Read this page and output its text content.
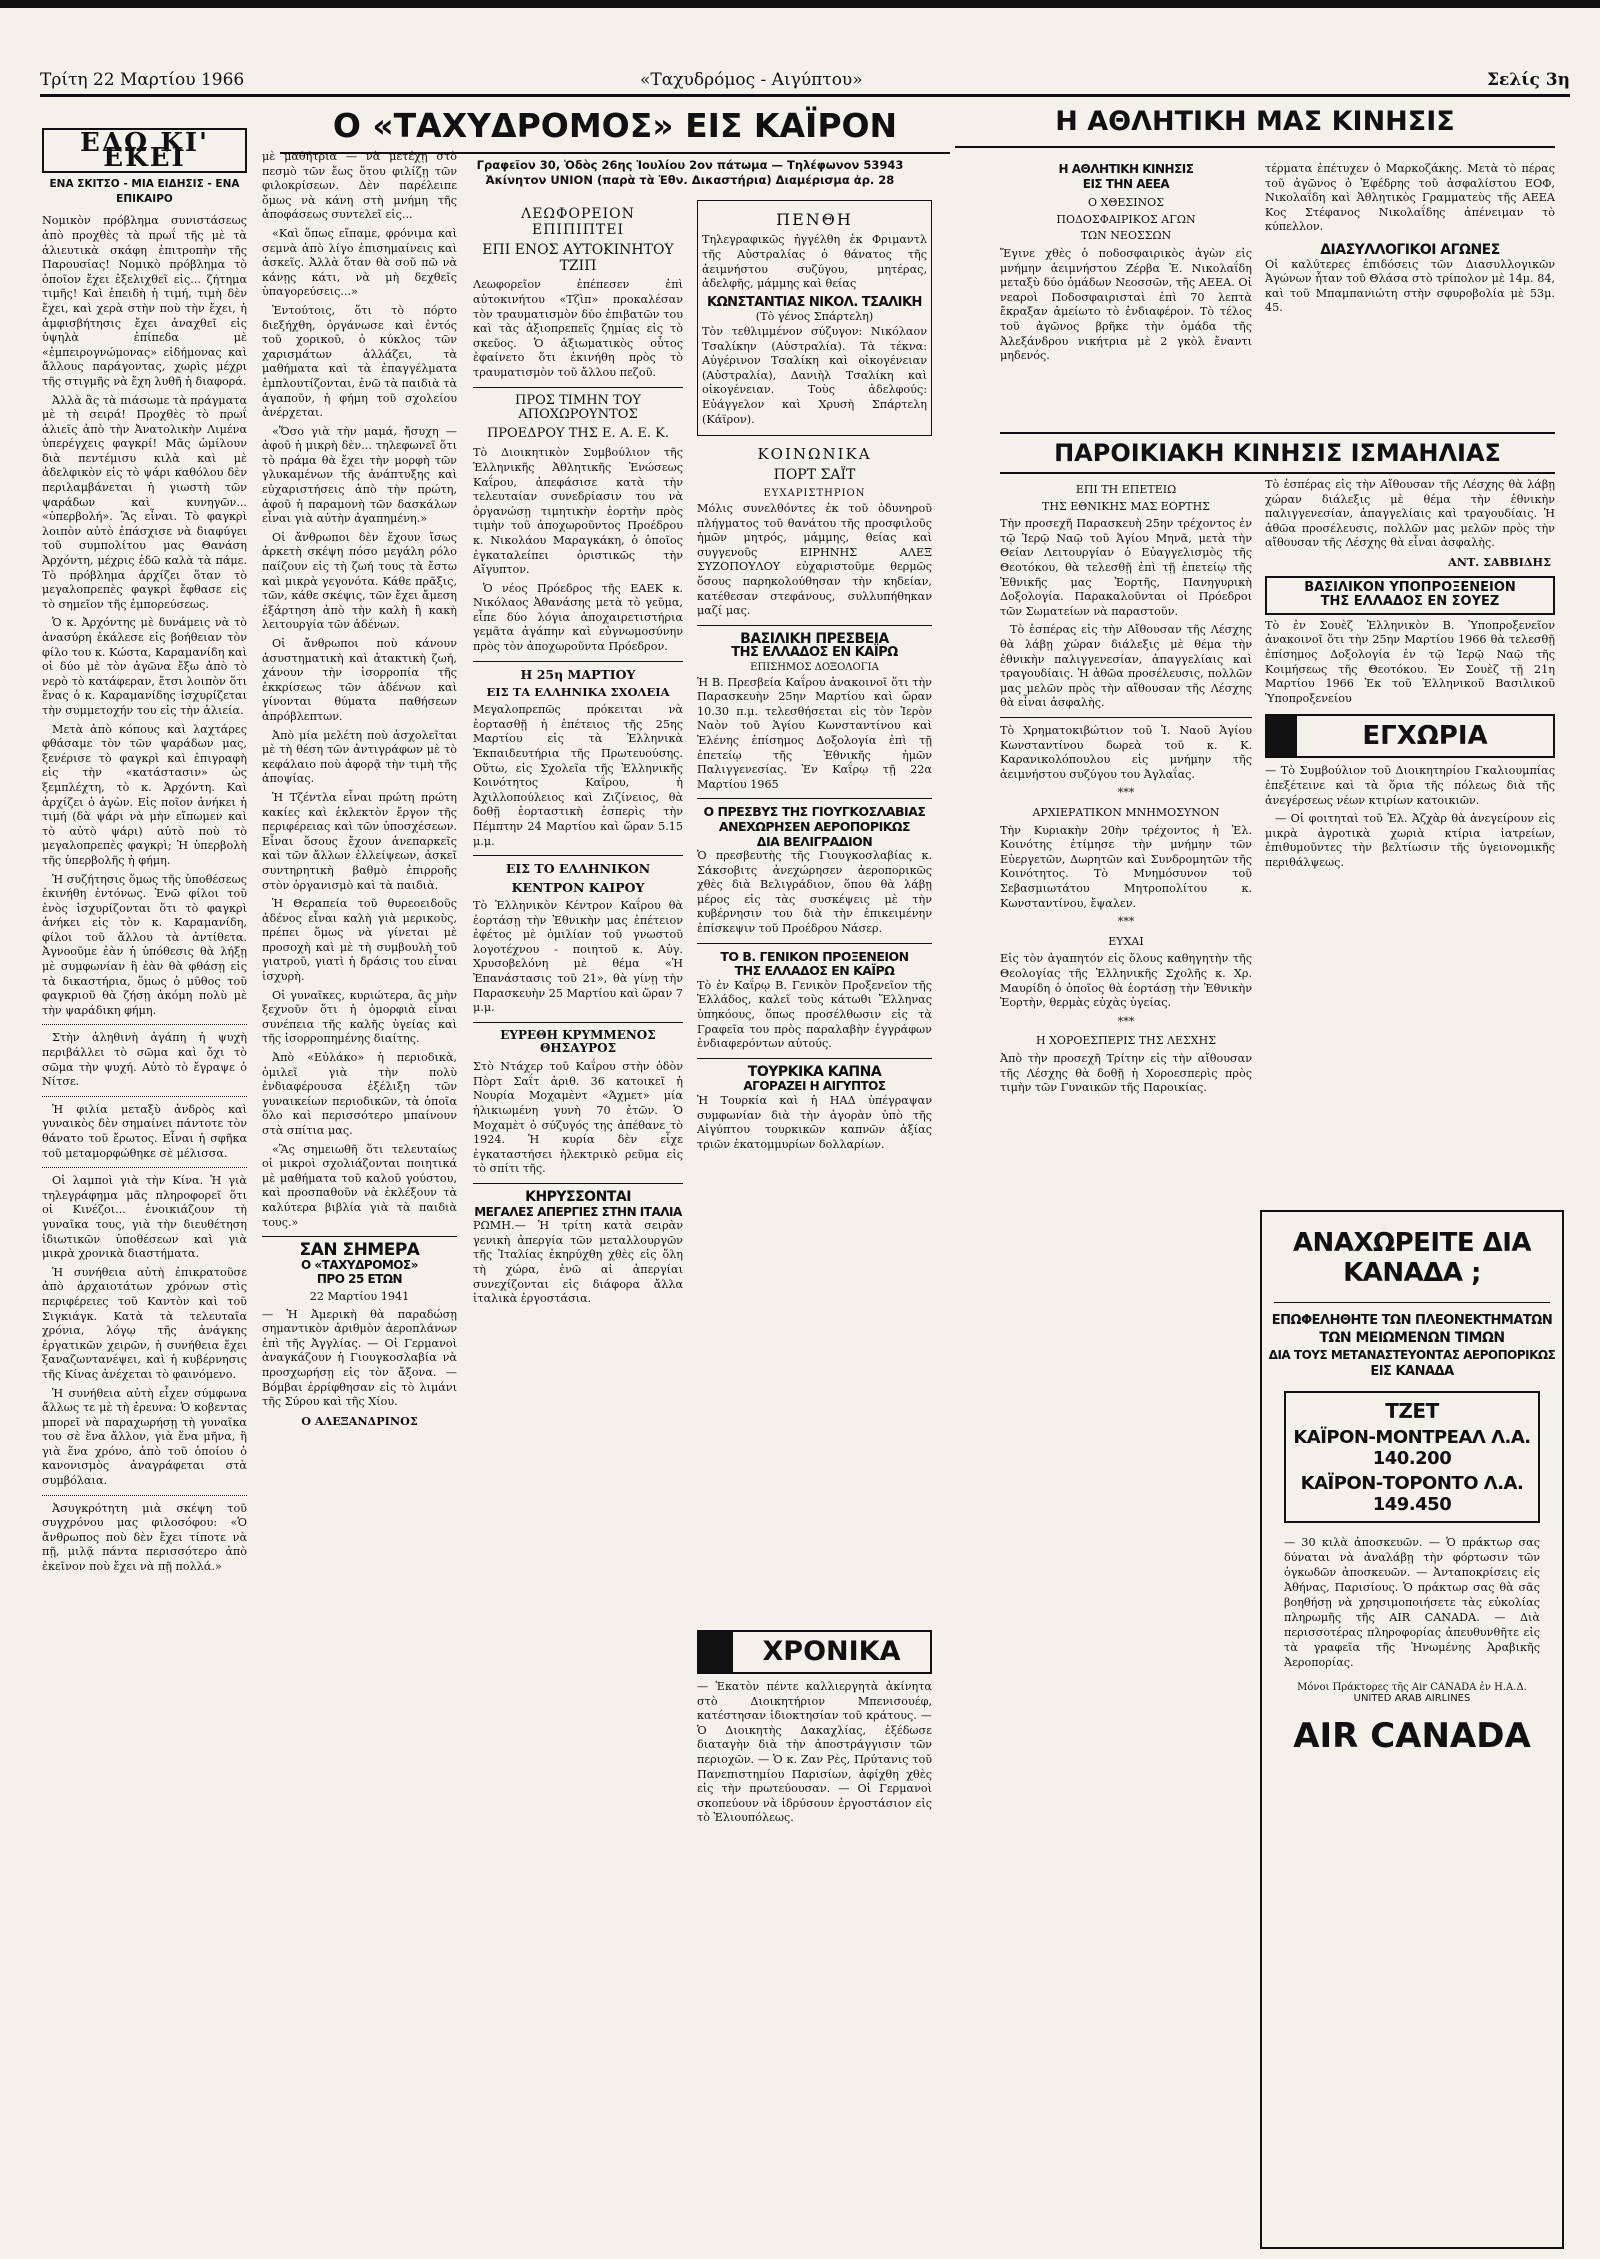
Τρίτη 22 Μαρτίου 1966	«Ταχυδρόμος - Αιγύπτου»	Σελίς 3η
ΕΔΩ ΚΙ' ΕΚΕΙ
ΕΝΑ ΣΚΙΤΣΟ - ΜΙΑ ΕΙΔΗΣΙΣ - ΕΝΑ ΕΠΙΚΑΙΡΟ

Νομικὸν πρόβλημα συνιστάσεως ἀπὸ προχθὲς τὰ πρωΐ τῆς μὲ τὰ ἀλιευτικὰ σκάφη ἐπιτροπὴν τῆς Παρουσίας! Νομικὸ πρόβλημα τὸ ὁποῖον ἔχει ἐξελιχθεῖ εἰς... ζήτημα τιμῆς! Καὶ ἐπειδὴ ἡ τιμή, τιμὴ δὲν ἔχει, καὶ χερὰ στὴν ποὺ τὴν ἔχει, ἡ ἀμφισβήτησις ἔχει ἀναχθεῖ εἰς ὑψηλὰ ἐπίπεδα μὲ «ἐμπειρογνώμονας» εἰδήμονας καὶ ἄλλους παράγοντας, χωρὶς μέχρι τῆς στιγμῆς νὰ ἔχη λυθῆ ἡ διαφορά.

Ἀλλὰ ἂς τὰ πιάσωμε τὰ πράγματα μὲ τὴ σειρά! Προχθὲς τὸ πρωΐ ἀλιεῖς ἀπὸ τὴν Ἀνατολικὴν Λιμένα ὑπερέγχεις φαγκρί! Μᾶς ὡμίλουν διὰ πεντέμισυ κιλὰ καὶ μὲ ἀδελφικὸν εἰς τὸ ψάρι καθόλου δὲν περιλαμβάνεται ἡ γιωστὴ τῶν ψαράδων καὶ κυνηγῶν... «ὑπερβολή». Ἂς εἶναι. Τὸ φαγκρὶ λοιπὸν αὐτὸ ἐπάσχισε νὰ διαφύγει τοῦ συμπολίτου μας Θανάση Ἀρχόντη, μέχρις ἐδῶ καλὰ τὰ πάμε. Τὸ πρόβλημα ἀρχίζει ὅταν τὸ μεγαλοπρεπὲς φαγκρὶ ἔφθασε εἰς τὸ σημεῖον τῆς ἐμπορεύσεως.

Ὁ κ. Ἀρχόντης μὲ δυνάμεις νὰ τὸ ἀνασύρη ἐκάλεσε εἰς βοήθειαν τὸν φίλο του κ. Κώστα, Καραμανίδη καὶ οἱ δύο μὲ τὸν ἀγῶνα ἔξω ἀπὸ τὸ νερὸ τὸ κατάφεραν, ἔτσι λοιπὸν ὅτι ἕνας ὁ κ. Καραμανίδης ἰσχυρίζεται τὴν συμμετοχήν του εἰς τὴν ἀλιεία.

Μετὰ ἀπὸ κόπους καὶ λαχτάρες φθάσαμε τὸν τῶν ψαράδων μας, ξενέρισε τὸ φαγκρὶ καὶ ἐπιγραφὴ εἰς τὴν «κατάστασιν» ὡς ξεμπλέχτη, τὸ κ. Ἀρχόντη. Καὶ ἀρχίζει ὁ ἀγὼν. Εἰς ποῖον ἀνήκει ἡ τιμή (δὰ ψάρι νὰ μὴν εἴπωμεν καὶ τὸ αὐτὸ ψάρι) αὐτὸ ποὺ τὸ μεγαλοπρεπὲς φαγκρὶ; Ἡ ὑπερβολὴ τῆς ὑπερβολῆς ἡ φήμη.

Ἡ συζήτησις ὅμως τῆς ὑποθέσεως ἐκινήθη ἐντόνως. Ἐνῶ φίλοι τοῦ ἑνὸς ἰσχυρίζονται ὅτι τὸ φαγκρὶ ἀνήκει εἰς τὸν κ. Καραμανίδη, φίλοι τοῦ ἄλλου τὰ ἀντίθετα. Ἀγνοοῦμε ἐὰν ἡ ὑπόθεσις θὰ λήξῃ μὲ συμφωνίαν ἢ ἐὰν θὰ φθάσῃ εἰς τὰ δικαστήρια, ὅμως ὁ μῦθος τοῦ φαγκριοῦ θὰ ζήσῃ ἀκόμη πολὺ μὲ τὴν ψαράδικη φήμη.

Στὴν ἀληθινὴ ἀγάπη ἡ ψυχὴ περιβάλλει τὸ σῶμα καὶ ὄχι τὸ σῶμα τὴν ψυχή. Αὐτὸ τὸ ἔγραψε ὁ Νίτσε.

Ἡ φιλία μεταξὺ ἀνδρὸς καὶ γυναικὸς δὲν σημαίνει πάντοτε τὸν θάνατο τοῦ ἔρωτος. Εἶναι ἡ σφῆκα τοῦ μεταμορφώθηκε σὲ μέλισσα.

Οἱ λαμποὶ γιὰ τὴν Κίνα. Ἡ γιὰ τηλεγράφημα μᾶς πληροφορεῖ ὅτι οἱ Κινέζοι... ἐνοικιάζουν τὴ γυναῖκα τους, γιὰ τὴν διευθέτηση ἰδιωτικῶν ὑποθέσεων καὶ γιὰ μικρὰ χρονικὰ διαστήματα.

Ἡ συνήθεια αὐτὴ ἐπικρατοῦσε ἀπὸ ἀρχαιοτάτων χρόνων στὶς περιφέρειες τοῦ Καντὸν καὶ τοῦ Σιγκιάγκ. Κατὰ τὰ τελευταῖα χρόνια, λόγῳ τῆς ἀνάγκης ἐργατικῶν χειρῶν, ἡ συνήθεια ἔχει ξαναζωντανέψει, καὶ ἡ κυβέρνησις τῆς Κίνας ἀνέχεται τὸ φαινόμενο.

Ἡ συνήθεια αὐτὴ εἶχεν σύμφωνα ἄλλως τε μὲ τὴ ἐρευνα: Ὁ κοβεντας μπορεῖ νὰ παραχωρήσῃ τὴ γυναῖκα του σὲ ἕνα ἄλλον, γιὰ ἕνα μῆνα, ἢ γιὰ ἕνα χρόνο, ἀπὸ τοῦ ὁποίου ὁ κανονισμὸς ἀναγράφεται στὰ συμβόλαια.

Ἀσυγκρότητη μιὰ σκέψη τοῦ συγχρόνου μας φιλοσόφου: «Ὁ ἄνθρωπος ποὺ δὲν ἔχει τίποτε νὰ πῇ, μιλᾷ πάντα περισσότερο ἀπὸ ἐκεῖνον ποὺ ἔχει νὰ πῇ πολλά.»

Ο «ΤΑΧΥΔΡΟΜΟΣ» ΕΙΣ ΚΑΪΡΟΝ
Γραφεῖον 30, Ὁδὸς 26ης Ἰουλίου 2ον πάτωμα — Τηλέφωνον 53943
Ἀκίνητον UNION (παρὰ τὰ Ἐθν. Δικαστήρια) Διαμέρισμα ἀρ. 28

μὲ μαθήτρια — νὰ μετέχῃ στὸ πεσμὸ τῶν ἔως ὅτου φιλίζῃ τῶν φιλοκρίσεων. Δὲν παρέλειπε ὅμως νὰ κάνη στὴ μνήμη τῆς ἀποφάσεως συντελεῖ εἰς...

«Καὶ ὅπως εἴπαμε, φρόνιμα καὶ σεμνὰ ἀπὸ λίγο ἐπισημαίνεις καὶ ἀσκεῖς. Ἀλλὰ ὅταν θὰ σοῦ πῶ νὰ κάνῃς κάτι, νὰ μὴ δεχθεῖς ὑπαγορεύσεις...»

Ἐντούτοις, ὅτι τὸ πόρτο διεξήχθη, ὀργάνωσε καὶ ἐντός τοῦ χορικοῦ, ὁ κύκλος τῶν χαρισμάτων ἀλλάζει, τὰ μαθήματα καὶ τὰ ἐπαγγέλματα ἐμπλουτίζονται, ἐνῶ τὰ παιδιὰ τὰ ἀγαποῦν, ἡ φήμη τοῦ σχολείου ἀνέρχεται.

«Ὅσο γιὰ τὴν μαμά, ἤσυχη — ἀφοῦ ἡ μικρὴ δὲν... τηλεφωνεῖ ὅτι τὸ πράμα θὰ ἔχει τὴν μορφὴ τῶν γλυκαμένων τῆς ἀνάπτυξης καὶ εὐχαριστήσεις ἀπὸ τὴν πρώτη, ἀφοῦ ἡ παραμονὴ τῶν δασκάλων εἶναι γιὰ αὐτὴν ἀγαπημένη.»

Οἱ ἄνθρωποι δὲν ἔχουν ἴσως ἀρκετὴ σκέψη πόσο μεγάλη ρόλο παίζουν εἰς τὴ ζωή τους τὰ ἔστω καὶ μικρὰ γεγονότα. Κάθε πρᾶξις, τῶν, κάθε σκέψις, τῶν ἔχει ἄμεση ἐξάρτηση ἀπὸ τὴν καλὴ ἢ κακὴ λειτουργία τῶν ἀδένων.

Οἱ ἄνθρωποι ποὺ κάνουν ἀσυστηματικὴ καὶ ἀτακτικὴ ζωή, χάνουν τὴν ἰσορροπία τῆς ἐκκρίσεως τῶν ἀδένων καὶ γίνονται θύματα παθήσεων ἀπρόβλεπτων.

Ἀπὸ μία μελέτη ποὺ ἀσχολεῖται μὲ τὴ θέση τῶν ἀντιγράφων μὲ τὸ κεφάλαιο ποὺ ἀφορᾷ τὴν τιμὴ τῆς ἀποψίας.

Ἡ Τζέντλα εἶναι πρώτη πρώτη κακίες καὶ ἐκλεκτὸν ἔργον τῆς περιφέρειας καὶ τῶν ὑποσχέσεων. Εἶναι ὅσους ἔχουν ἀνεπαρκεῖς καὶ τῶν ἄλλων ἐλλείψεων, ἀσκεῖ συντηρητικὴ βαθμὸ ἐπιρροῆς στὸν ὀργανισμὸ καὶ τὰ παιδιὰ.

Ἡ Θεραπεία τοῦ θυρεοειδοῦς ἀδένος εἶναι καλὴ γιὰ μερικοὺς, πρέπει ὅμως νὰ γίνεται μὲ προσοχὴ καὶ μὲ τὴ συμβουλὴ τοῦ γιατροῦ, γιατὶ ἡ δράσις του εἶναι ἰσχυρὴ.

Οἱ γυναῖκες, κυριώτερα, ἂς μὴν ξεχνοῦν ὅτι ἡ ὀμορφιὰ εἶναι συνέπεια τῆς καλῆς ὑγείας καὶ τῆς ἰσορροπημένης διαίτης.

Ἀπὸ «Εὐλάκο» ἡ περιοδικὰ, ὁμιλεῖ γιὰ τὴν πολὺ ἐνδιαφέρουσα ἐξέλιξη τῶν γυναικείων περιοδικῶν, τὰ ὁποῖα ὅλο καὶ περισσότερο μπαίνουν στὰ σπίτια μας.

«Ἂς σημειωθῆ ὅτι τελευταίως οἱ μικροὶ σχολιάζονται ποιητικά μὲ μαθήματα τοῦ καλοῦ γούστου, καὶ προσπαθοῦν νὰ ἐκλέξουν τὰ καλύτερα βιβλία γιὰ τὰ παιδιὰ τους.»

ΣΑΝ ΣΗΜΕΡΑ
Ο «ΤΑΧΥΔΡΟΜΟΣ»
ΠΡΟ 25 ΕΤΩΝ
22 Μαρτίου 1941

— Ἡ Ἀμερικὴ θὰ παραδώσῃ σημαντικὸν ἀριθμὸν ἀεροπλάνων ἐπὶ τῆς Ἀγγλίας. — Οἱ Γερμανοὶ ἀναγκάζουν ἡ Γιουγκοσλαβία νὰ προσχωρήσῃ εἰς τὸν ἄξονα. — Βόμβαι ἐρρίφθησαν εἰς τὸ λιμάνι τῆς Σύρου καὶ τῆς Χίου.

Ο ΑΛΕΞΑΝΔΡΙΝΟΣ
ΛΕΩΦΟΡΕΙΟΝ ΕΠΙΠΙΠΤΕΙ
ΕΠΙ ΕΝΟΣ ΑΥΤΟΚΙΝΗΤΟΥ ΤΖΙΠ

Λεωφορεῖον ἐπέπεσεν ἐπὶ αὐτοκινήτου «Τζὶπ» προκαλέσαν τὸν τραυματισμὸν δύο ἐπιβατῶν του καὶ τὰς ἀξιοπρεπεῖς ζημίας εἰς τὸ σκεῦος. Ὁ ἀξιωματικὸς οὗτος ἐφαίνετο ὅτι ἐκινήθη πρὸς τὸ τραυματισμὸν τοῦ ἄλλου πεζοῦ.

ΠΡΟΣ ΤΙΜΗΝ ΤΟΥ ΑΠΟΧΩΡΟΥΝΤΟΣ
ΠΡΟΕΔΡΟΥ ΤΗΣ Ε. Α. Ε. Κ.

Τὸ Διοικητικὸν Συμβούλιον τῆς Ἑλληνικῆς Ἀθλητικῆς Ἑνώσεως Καΐρου, ἀπεφάσισε κατὰ τὴν τελευταίαν συνεδρίασιν του νὰ ὀργανώσῃ τιμητικὴν ἑορτὴν πρὸς τιμὴν τοῦ ἀποχωροῦντος Προέδρου κ. Νικολάου Μαραγκάκη, ὁ ὁποῖος ἐγκαταλείπει ὁριστικῶς τὴν Αἴγυπτον.

Ὁ νέος Πρόεδρος τῆς ΕΑΕΚ κ. Νικόλαος Ἀθανάσης μετὰ τὸ γεῦμα, εἶπε δύο λόγια ἀποχαιρετιστήρια γεμᾶτα ἀγάπην καὶ εὐγνωμοσύνην πρὸς τὸν ἀποχωροῦντα Πρόεδρον.

Η 25η ΜΑΡΤΙΟΥ
ΕΙΣ ΤΑ ΕΛΛΗΝΙΚΑ ΣΧΟΛΕΙΑ

Μεγαλοπρεπῶς πρόκειται νὰ ἑορτασθῇ ἡ ἐπέτειος τῆς 25ης Μαρτίου εἰς τὰ Ἑλληνικὰ Ἐκπαιδευτήρια τῆς Πρωτευούσης. Οὕτω, εἰς Σχολεῖα τῆς Ἑλληνικῆς Κοινότητος Καΐρου, ἡ Ἀχιλλοπούλειος καὶ Ζιζίνειος, θὰ δοθῇ ἑορταστικὴ ἑσπερὶς τὴν Πέμπτην 24 Μαρτίου καὶ ὥραν 5.15 μ.μ.

ΕΙΣ ΤΟ ΕΛΛΗΝΙΚΟΝ
ΚΕΝΤΡΟΝ ΚΑΙΡΟΥ

Τὸ Ἑλληνικὸν Κέντρον Καΐρου θὰ ἑορτάσῃ τὴν Ἐθνικὴν μας ἐπέτειον ἐφέτος μὲ ὁμιλίαν τοῦ γνωστοῦ λογοτέχνου - ποιητοῦ κ. Αὐγ. Χρυσοβελόνη μὲ θέμα «Ἡ Ἐπανάστασις τοῦ 21», θὰ γίνῃ τὴν Παρασκευὴν 25 Μαρτίου καὶ ὥραν 7 μ.μ.

ΕΥΡΕΘΗ ΚΡΥΜΜΕΝΟΣ ΘΗΣΑΥΡΟΣ

Στὸ Ντάχερ τοῦ Καΐρου στὴν ὁδὸν Πὸρτ Σαΐτ ἀριθ. 36 κατοικεῖ ἡ Νουρία Μοχαμὲντ «Άχμετ» μία ἡλικιωμένη γυνὴ 70 ἐτῶν. Ὁ Μοχαμὲτ ὁ σύζυγός της ἀπέθανε τὸ 1924. Ἡ κυρία δὲν εἶχε ἐγκαταστήσει ἡλεκτρικὸ ρεῦμα εἰς τὸ σπίτι τῆς.

ΚΗΡΥΣΣΟΝΤΑΙ
ΜΕΓΑΛΕΣ ΑΠΕΡΓΙΕΣ ΣΤΗΝ ΙΤΑΛΙΑ

ΡΩΜΗ.— Ἡ τρίτη κατὰ σειρὰν γενικὴ ἀπεργία τῶν μεταλλουργῶν τῆς Ἰταλίας ἐκηρύχθη χθὲς εἰς ὅλη τὴ χώρα, ἐνῶ αἱ ἀπεργίαι συνεχίζονται εἰς διάφορα ἄλλα ἰταλικὰ ἐργοστάσια.

ΠΕΝΘΗ

Τηλεγραφικῶς ἠγγέλθη ἐκ Φριμαντλ τῆς Αὐστραλίας ὁ θάνατος τῆς ἀειμνήστου συζύγου, μητέρας, ἀδελφῆς, μάμμης καὶ θείας

ΚΩΝΣΤΑΝΤΙΑΣ ΝΙΚΟΛ. ΤΣΑΛΙΚΗ
(Τὸ γένος Σπάρτελη)

Τὸν τεθλιμμένον σύζυγον: Νικόλαον Τσαλίκην (Αὐστραλία). Τὰ τέκνα: Αὐγέρινον Τσαλίκη καὶ οἰκογένειαν (Αὐστραλία), Δανιὴλ Τσαλίκη καὶ οἰκογένειαν. Τοὺς ἀδελφούς: Εὐάγγελον καὶ Χρυσὴ Σπάρτελη (Κάϊρον).

ΚΟΙΝΩΝΙΚΑ
ΠΟΡΤ ΣΑΪΤ
ΕΥΧΑΡΙΣΤΗΡΙΟΝ

Μόλις συνελθόντες ἐκ τοῦ ὀδυνηροῦ πλήγματος τοῦ θανάτου τῆς προσφιλοῦς ἡμῶν μητρός, μάμμης, θείας καὶ συγγενοῦς ΕΙΡΗΝΗΣ ΑΛΕΞ ΣΥΖΟΠΟΥΛΟΥ εὐχαριστοῦμε θερμῶς ὅσους παρηκολούθησαν τὴν κηδείαν, κατέθεσαν στεφάνους, συλλυπήθηκαν μαζί μας.

ΒΑΣΙΛΙΚΗ ΠΡΕΣΒΕΙΑ
ΤΗΣ ΕΛΛΑΔΟΣ ΕΝ ΚΑΪΡΩ
ΕΠΙΣΗΜΟΣ ΔΟΞΟΛΟΓΙΑ

Ἡ Β. Πρεσβεία Καΐρου ἀνακοινοῖ ὅτι τὴν Παρασκευὴν 25ην Μαρτίου καὶ ὥραν 10.30 π.μ. τελεσθήσεται εἰς τὸν Ἱερὸν Ναὸν τοῦ Ἁγίου Κωνσταντίνου καὶ Ἑλένης ἐπίσημος Δοξολογία ἐπὶ τῇ ἐπετείῳ τῆς Ἐθνικῆς ἡμῶν Παλιγγενεσίας. Ἐν Καΐρῳ τῇ 22α Μαρτίου 1965

Ο ΠΡΕΣΒΥΣ ΤΗΣ ΓΙΟΥΓΚΟΣΛΑΒΙΑΣ
ΑΝΕΧΩΡΗΣΕΝ ΑΕΡΟΠΟΡΙΚΩΣ
ΔΙΑ ΒΕΛΙΓΡΑΔΙΟΝ

Ὁ πρεσβευτὴς τῆς Γιουγκοσλαβίας κ. Σάκσοβιτς ἀνεχώρησεν ἀεροπορικῶς χθὲς διὰ Βελιγράδιον, ὅπου θὰ λάβῃ μέρος εἰς τὰς συσκέψεις μὲ τὴν κυβέρνησιν του διὰ τὴν ἐπικειμένην ἐπίσκεψιν τοῦ Προέδρου Νάσερ.

ΤΟ Β. ΓΕΝΙΚΟΝ ΠΡΟΞΕΝΕΙΟΝ
ΤΗΣ ΕΛΛΑΔΟΣ ΕΝ ΚΑΪΡΩ

Τὸ ἐν Καΐρῳ Β. Γενικὸν Προξενεῖον τῆς Ἑλλάδος, καλεῖ τοὺς κάτωθι Ἕλληνας ὑπηκόους, ὅπως προσέλθωσιν εἰς τὰ Γραφεῖα του πρὸς παραλαβὴν ἐγγράφων ἐνδιαφερόντων αὐτούς.

ΤΟΥΡΚΙΚΑ ΚΑΠΝΑ
ΑΓΟΡΑΖΕΙ Η ΑΙΓΥΠΤΟΣ

Ἡ Τουρκία καὶ ἡ ΗΑΔ ὑπέγραψαν συμφωνίαν διὰ τὴν ἀγορὰν ὑπὸ τῆς Αἰγύπτου τουρκικῶν καπνῶν ἀξίας τριῶν ἑκατομμυρίων δολλαρίων.

ΧΡΟΝΙΚΑ

— Ἑκατὸν πέντε καλλιεργητὰ ἀκίνητα στὸ Διοικητήριον Μπενισουέφ, κατέστησαν ἰδιοκτησίαν τοῦ κράτους. — Ὁ Διοικητὴς Δακαχλίας, ἐξέδωσε διαταγὴν διὰ τὴν ἀποστράγγισιν τῶν περιοχῶν. — Ὁ κ. Ζαν Ρὲς, Πρύτανις τοῦ Πανεπιστημίου Παρισίων, ἀφίχθη χθὲς εἰς τὴν πρωτεύουσαν. — Οἱ Γερμανοὶ σκοπεύουν νὰ ἱδρύσουν ἐργοστάσιον εἰς τὸ Ἑλιουπόλεως.

Η ΑΘΛΗΤΙΚΗ ΜΑΣ ΚΙΝΗΣΙΣ
Η ΑΘΛΗΤΙΚΗ ΚΙΝΗΣΙΣ
ΕΙΣ ΤΗΝ ΑΕΕΑ
Ο ΧΘΕΣΙΝΟΣ
ΠΟΔΟΣΦΑΙΡΙΚΟΣ ΑΓΩΝ
ΤΩΝ ΝΕΟΣΣΩΝ

Ἔγινε χθὲς ὁ ποδοσφαιρικὸς ἀγὼν εἰς μνήμην ἀειμνήστου Ζέρβα Ἐ. Νικολαΐδη μεταξὺ δύο ὁμάδων Νεοσσῶν, τῆς ΑΕΕΑ. Οἱ νεαροὶ Ποδοσφαιρισταὶ ἐπὶ 70 λεπτὰ ἔκραξαν ἀμείωτο τὸ ἐνδιαφέρον. Τὸ τέλος τοῦ ἀγῶνος βρῆκε τὴν ὁμάδα τῆς Ἀλεξάνδρου νικήτρια μὲ 2 γκὸλ ἔναντι μηδενός.

τέρματα ἐπέτυχεν ὁ Μαρκοζάκης. Μετὰ τὸ πέρας τοῦ ἀγῶνος ὁ Ἐφέδρης τοῦ ἀσφαλίστου ΕΟΦ, Νικολαΐδη καὶ Ἀθλητικὸς Γραμματεὺς τῆς ΑΕΕΑ Κος Στέφανος Νικολαΐδης ἀπένειμαν τὸ κύπελλον.

ΔΙΑΣΥΛΛΟΓΙΚΟΙ ΑΓΩΝΕΣ

Οἱ καλύτερες ἐπιδόσεις τῶν Διασυλλογικῶν Ἀγώνων ἦταν τοῦ Θλάσα στὸ τρίπολον μὲ 14μ. 84, καὶ τοῦ Μπαμπανιώτη στὴν σφυροβολία μὲ 53μ. 45.

ΠΑΡΟΙΚΙΑΚΗ ΚΙΝΗΣΙΣ ΙΣΜΑΗΛΙΑΣ
ΕΠΙ ΤΗ ΕΠΕΤΕΙΩ
ΤΗΣ ΕΘΝΙΚΗΣ ΜΑΣ ΕΟΡΤΗΣ

Τὴν προσεχῆ Παρασκευὴ 25ην τρέχοντος ἐν τῷ Ἱερῷ Ναῷ τοῦ Ἁγίου Μηνᾶ, μετὰ τὴν Θείαν Λειτουργίαν ὁ Εὐαγγελισμὸς τῆς Θεοτόκου, θὰ τελεσθῇ ἐπὶ τῇ ἐπετείῳ τῆς Ἐθνικῆς μας Ἑορτῆς, Πανηγυρικὴ Δοξολογία. Παρακαλοῦνται οἱ Πρόεδροι τῶν Σωματείων νὰ παραστοῦν.

Τὸ ἑσπέρας εἰς τὴν Αἴθουσαν τῆς Λέσχης θὰ λάβῃ χώραν διάλεξις μὲ θέμα τὴν ἐθνικὴν παλιγγενεσίαν, ἀπαγγελίαις καὶ τραγουδίαις. Ἡ ἀθῶα προσέλευσις, πολλῶν μας μελῶν πρὸς τὴν αἴθουσαν τῆς Λέσχης θὰ εἶναι ἀσφαλὴς.

Τὸ Χρηματοκιβώτιον τοῦ Ἱ. Ναοῦ Ἁγίου Κωνσταντίνου δωρεὰ τοῦ κ. Κ. Καρανικολόπουλου εἰς μνήμην τῆς ἀειμνήστου συζύγου του Ἀγλαΐας.

***
ΑΡΧΙΕΡΑΤΙΚΟΝ ΜΝΗΜΟΣΥΝΟΝ

Τὴν Κυριακὴν 20ὴν τρέχοντος ἡ Ἐλ. Κοινότης ἐτίμησε τὴν μνήμην τῶν Εὐεργετῶν, Δωρητῶν καὶ Συνδρομητῶν τῆς Κοινότητος. Τὸ Μνημόσυνον τοῦ Σεβασμιωτάτου Μητροπολίτου κ. Κωνσταντίνου, ἔψαλεν.

***
ΕΥΧΑΙ

Εἰς τὸν ἀγαπητόν εἰς ὅλους καθηγητὴν τῆς Θεολογίας τῆς Ἑλληνικῆς Σχολῆς κ. Χρ. Μαυρίδη ὁ ὁποῖος θὰ ἑορτάσῃ τὴν Ἐθνικὴν Ἑορτὴν, θερμὰς εὐχὰς ὑγείας.

***
Η ΧΟΡΟΕΣΠΕΡΙΣ ΤΗΣ ΛΕΣΧΗΣ

Ἀπὸ τὴν προσεχῆ Τρίτην εἰς τὴν αἴθουσαν τῆς Λέσχης θὰ δοθῇ ἡ Χοροεσπερὶς πρὸς τιμὴν τῶν Γυναικῶν τῆς Παροικίας.

Τὸ ἑσπέρας εἰς τὴν Αἴθουσαν τῆς Λέσχης θὰ λάβῃ χώραν διάλεξις μὲ θέμα τὴν ἐθνικὴν παλιγγενεσίαν, ἀπαγγελίαις καὶ τραγουδίαις. Ἡ ἀθῶα προσέλευσις, πολλῶν μας μελῶν πρὸς τὴν αἴθουσαν τῆς Λέσχης θὰ εἶναι ἀσφαλὴς.

ΑΝΤ. ΣΑΒΒΙΔΗΣ
ΒΑΣΙΛΙΚΟΝ ΥΠΟΠΡΟΞΕΝΕΙΟΝ
ΤΗΣ ΕΛΛΑΔΟΣ ΕΝ ΣΟΥΕΖ

Τὸ ἐν Σουὲζ Ἑλληνικὸν Β. Ὑποπροξενεῖον ἀνακοινοῖ ὅτι τὴν 25ην Μαρτίου 1966 θὰ τελεσθῇ ἐπίσημος Δοξολογία ἐν τῷ Ἱερῷ Ναῷ τῆς Κοιμήσεως τῆς Θεοτόκου. Ἐν Σουὲζ τῇ 21η Μαρτίου 1966 Ἐκ τοῦ Ἑλληνικοῦ Βασιλικοῦ Ὑποπροξενείου

ΕΓΧΩΡΙΑ

— Τὸ Συμβούλιον τοῦ Διοικητηρίου Γκαλιουμπίας ἐπεξέτεινε καὶ τὰ ὅρια τῆς πόλεως διὰ τῆς ἀνεγέρσεως νέων κτιρίων κατοικιῶν.

— Οἱ φοιτηταὶ τοῦ Ἑλ. Ἀζχὰρ θὰ ἀνεγείρουν εἰς μικρὰ ἀγροτικὰ χωριὰ κτίρια ἰατρείων, ἐπιθυμοῦντες τὴν βελτίωσιν τῆς ὑγειονομικῆς περιθάλψεως.

ΑΝΑΧΩΡΕΙΤΕ ΔΙΑ ΚΑΝΑΔΑ ;
ΕΠΩΦΕΛΗΘΗΤΕ ΤΩΝ ΠΛΕΟΝΕΚΤΗΜΑΤΩΝ
ΤΩΝ ΜΕΙΩΜΕΝΩΝ ΤΙΜΩΝ
ΔΙΑ ΤΟΥΣ ΜΕΤΑΝΑΣΤΕΥΟΝΤΑΣ ΑΕΡΟΠΟΡΙΚΩΣ
ΕΙΣ ΚΑΝΑΔΑ
ΤΖΕΤ
ΚΑΪΡΟΝ-ΜΟΝΤΡΕΑΛ Λ.Α. 140.200
ΚΑΪΡΟΝ-ΤΟΡΟΝΤΟ Λ.Α. 149.450

— 30 κιλὰ ἀποσκευῶν. — Ὁ πράκτωρ σας δύναται νὰ ἀναλάβῃ τὴν φόρτωσιν τῶν ὀγκωδῶν ἀποσκευῶν. — Ἀνταποκρίσεις εἰς Ἀθήνας, Παρισίους. Ὁ πράκτωρ σας θὰ σᾶς βοηθήσῃ νὰ χρησιμοποιήσετε τὰς εὐκολίας πληρωμῆς τῆς AIR CANADA. — Διὰ περισσοτέρας πληροφορίας ἀπευθυνθῆτε εἰς τὰ γραφεῖα τῆς Ἠνωμένης Ἀραβικῆς Ἀεροπορίας.

Μόνοι Πράκτορες τῆς Air CANADA ἐν Η.Α.Δ.
UNITED ARAB AIRLINES
AIR CANADA
